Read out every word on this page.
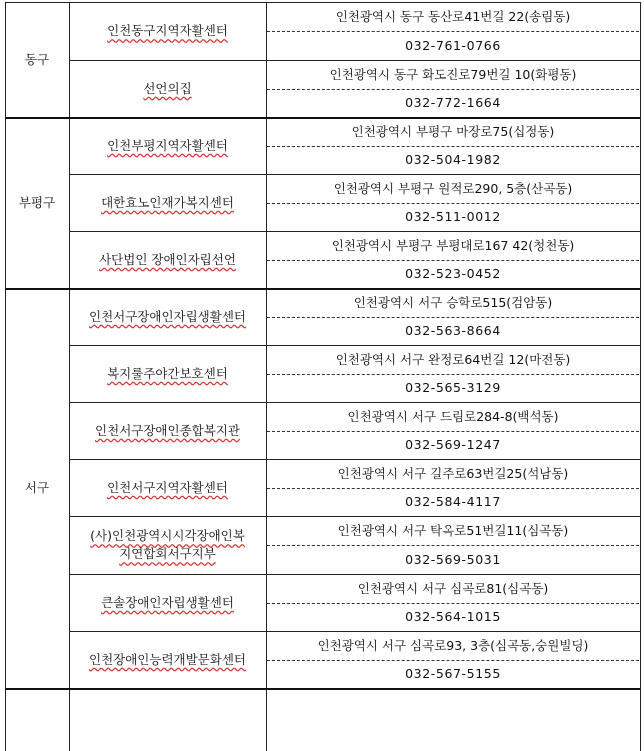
동구
인천동구지역자활센터
인천광역시 동구 동산로41번길 22(송림동)
032-761-0766
선언의집
인천광역시 동구 화도진로79번길 10(화평동)
032-772-1664
부평구
인천부평지역자활센터
인천광역시 부평구 마장로75(십정동)
032-504-1982
대한효노인재가복지센터
인천광역시 부평구 원적로290, 5층(산곡동)
032-511-0012
사단법인 장애인자립선언
인천광역시 부평구 부평대로167 42(청천동)
032-523-0452
서구
인천서구장애인자립생활센터
인천광역시 서구 승학로515(검암동)
032-563-8664
복지룰주야간보호센터
인천광역시 서구 완정로64번길 12(마전동)
032-565-3129
인천서구장애인종합복지관
인천광역시 서구 드림로284-8(백석동)
032-569-1247
인천서구지역자활센터
인천광역시 서구 길주로63번길25(석남동)
032-584-4117
(사)인천광역시시각장애인복
지연합회서구지부
인천광역시 서구 탁옥로51번길11(심곡동)
032-569-5031
큰솔장애인자립생활센터
인천광역시 서구 심곡로81(심곡동)
032-564-1015
인천장애인능력개발문화센터
인천광역시 서구 심곡로93, 3층(심곡동,숭원빌딩)
032-567-5155
